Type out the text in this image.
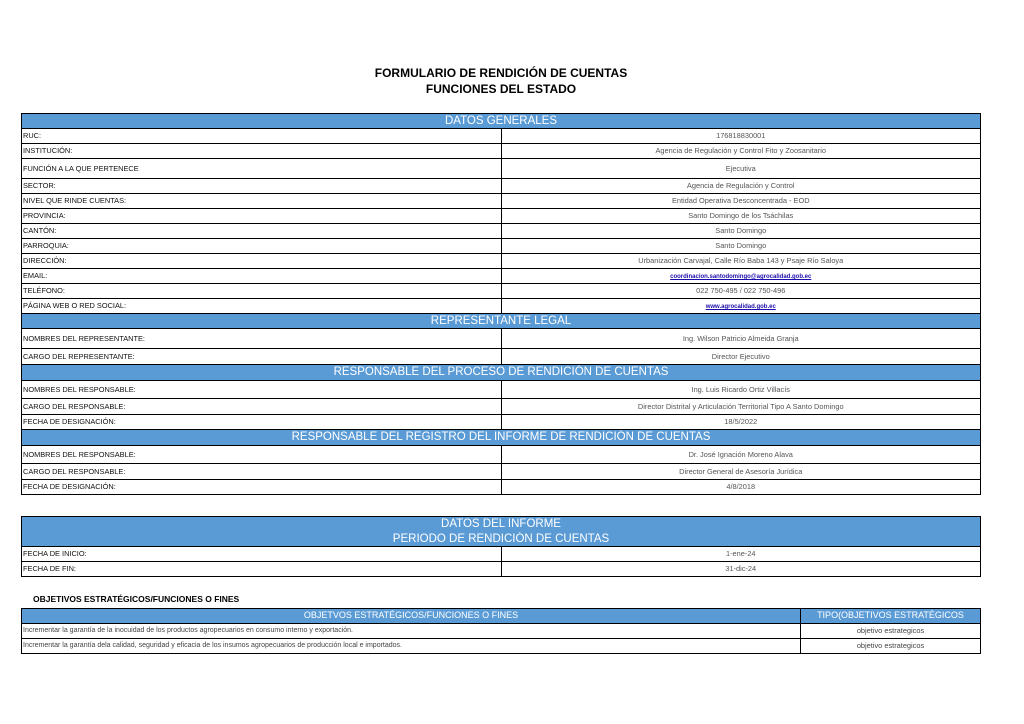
FORMULARIO DE RENDICIÓN DE CUENTAS
FUNCIONES DEL ESTADO
DATOS GENERALES	
RUC:	176818830001
INSTITUCIÓN:	Agencia de Regulación y Control Fito y Zoosanitario
FUNCIÓN A LA QUE PERTENECE	Ejecutiva
SECTOR:	Agencia de Regulación y Control
NIVEL QUE RINDE CUENTAS:	Entidad Operativa Desconcentrada - EOD
PROVINCIA:	Santo Domingo de los Tsáchilas
CANTÓN:	Santo Domingo
PARROQUIA:	Santo Domingo
DIRECCIÓN:	Urbanización Carvajal, Calle Río Baba 143 y Psaje Río Saloya
EMAIL:	coordinacion.santodomingo@agrocalidad.gob.ec
TELÉFONO:	022 750-495 / 022 750-496
PÁGINA WEB O RED SOCIAL:	www.agrocalidad.gob.ec
REPRESENTANTE LEGAL	
NOMBRES DEL REPRESENTANTE:	Ing. Wilson Patricio Almeida Granja
CARGO DEL REPRESENTANTE:	Director Ejecutivo
RESPONSABLE DEL PROCESO DE RENDICIÓN DE CUENTAS	
NOMBRES DEL RESPONSABLE:	Ing. Luis Ricardo Ortiz Villacís
CARGO DEL RESPONSABLE:	Director Distrital y Articulación Territorial Tipo A Santo Domingo
FECHA DE DESIGNACIÓN:	18/5/2022
RESPONSABLE DEL REGISTRO DEL INFORME DE RENDICIÓN DE CUENTAS	
NOMBRES DEL RESPONSABLE:	Dr. José Ignación Moreno Alava
CARGO DEL RESPONSABLE:	Director General de Asesoría Jurídica
FECHA DE DESIGNACIÓN:	4/8/2018
DATOS DEL INFORME	
PERIODO DE RENDICIÓN DE CUENTAS	
FECHA DE INICIO:	1-ene-24
FECHA DE FIN:	31-dic-24
OBJETIVOS ESTRATÉGICOS/FUNCIONES O FINES
OBJETVOS ESTRATÉGICOS/FUNCIONES O FINES	TIPO(OBJETIVOS ESTRATÉGICOS
Incrementar la garantía de la inocuidad de los productos agropecuarios en consumo interno y exportación.	objetivo estrategicos
Incrementar la garantía dela calidad, seguridad y eficacia de los insumos agropecuarios de producción local e importados.	objetivo estrategicos
